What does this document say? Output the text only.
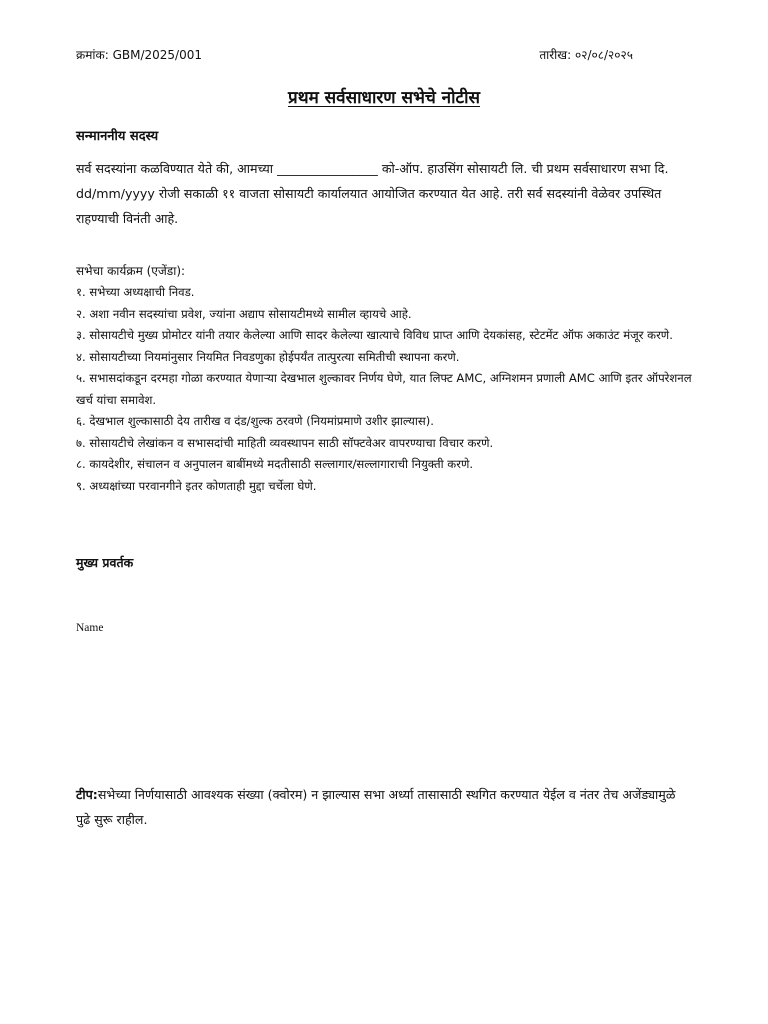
क्रमांक: GBM/2025/001	तारीख: ०२/०८/२०२५
प्रथम सर्वसाधारण सभेचे नोटीस
सन्माननीय सदस्य
सर्व सदस्यांना कळविण्यात येते की, आमच्या ________________ को-ऑप. हाउसिंग सोसायटी लि. ची प्रथम सर्वसाधारण सभा दि. dd/mm/yyyy रोजी सकाळी ११ वाजता सोसायटी कार्यालयात आयोजित करण्यात येत आहे. तरी सर्व सदस्यांनी वेळेवर उपस्थित राहण्याची विनंती आहे.
सभेचा कार्यक्रम (एजेंडा):
१. सभेच्या अध्यक्षाची निवड.
२. अशा नवीन सदस्यांचा प्रवेश, ज्यांना अद्याप सोसायटीमध्ये सामील व्हायचे आहे.
३. सोसायटीचे मुख्य प्रोमोटर यांनी तयार केलेल्या आणि सादर केलेल्या खात्याचे विविध प्राप्त आणि देयकांसह, स्टेटमेंट ऑफ अकाउंट मंजूर करणे.
४. सोसायटीच्या नियमांनुसार नियमित निवडणुका होईपर्यंत तात्पुरत्या समितीची स्थापना करणे.
५. सभासदांकडून दरमहा गोळा करण्यात येणाऱ्या देखभाल शुल्कावर निर्णय घेणे, यात लिफ्ट AMC, अग्निशमन प्रणाली AMC आणि इतर ऑपरेशनल खर्च यांचा समावेश.
६. देखभाल शुल्कासाठी देय तारीख व दंड/शुल्क ठरवणे (नियमांप्रमाणे उशीर झाल्यास).
७. सोसायटीचे लेखांकन व सभासदांची माहिती व्यवस्थापन साठी सॉफ्टवेअर वापरण्याचा विचार करणे.
८. कायदेशीर, संचालन व अनुपालन बाबींमध्ये मदतीसाठी सल्लागार/सल्लागाराची नियुक्ती करणे.
९. अध्यक्षांच्या परवानगीने इतर कोणताही मुद्दा चर्चेला घेणे.
मुख्य प्रवर्तक
Name
टीप:सभेच्या निर्णयासाठी आवश्यक संख्या (क्वोरम) न झाल्यास सभा अर्ध्या तासासाठी स्थगित करण्यात येईल व नंतर तेच अजेंड्यामुळे पुढे सुरू राहील.
